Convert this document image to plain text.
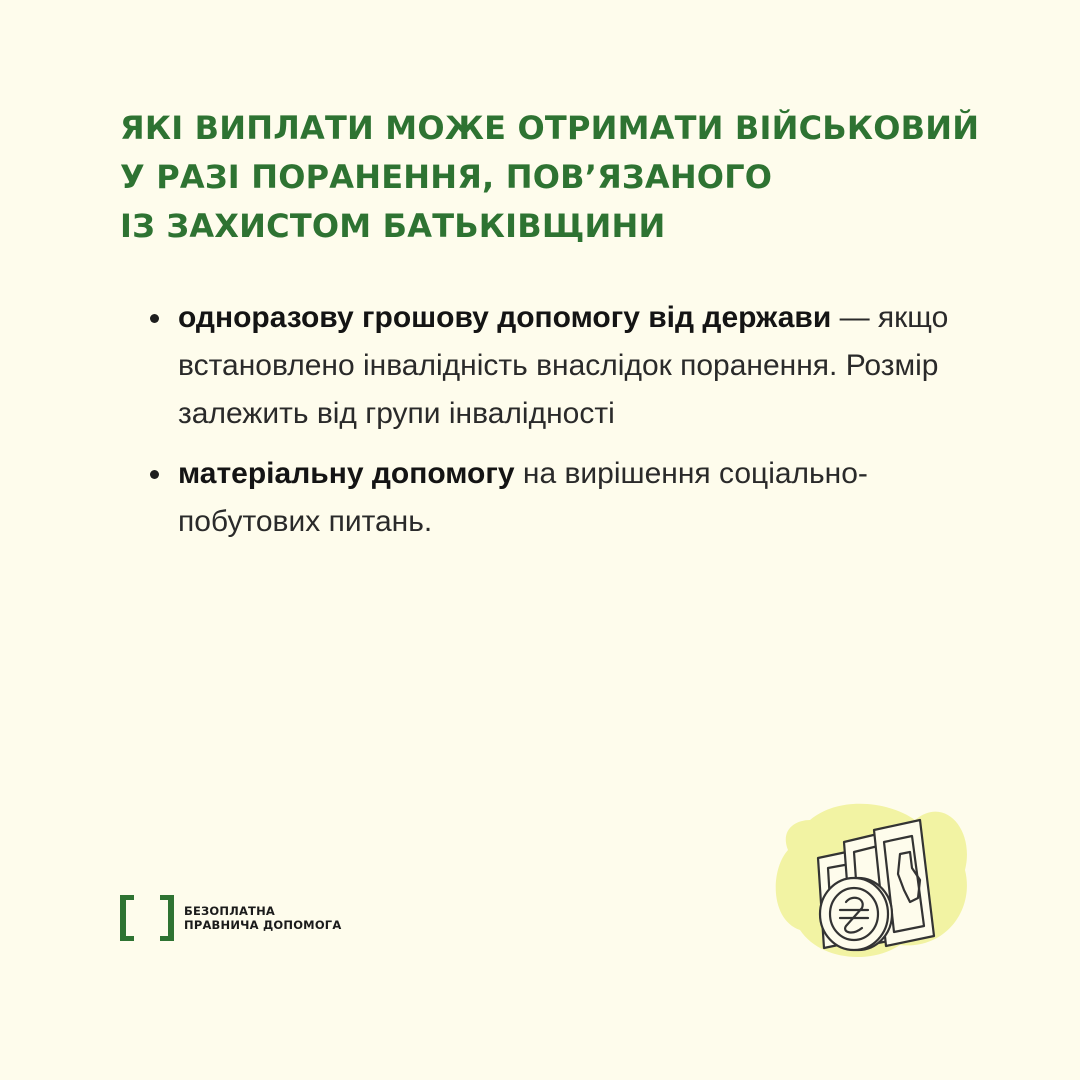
ЯКІ ВИПЛАТИ МОЖЕ ОТРИМАТИ ВІЙСЬКОВИЙ
У РАЗІ ПОРАНЕННЯ, ПОВ’ЯЗАНОГО
ІЗ ЗАХИСТОМ БАТЬКІВЩИНИ
одноразову грошову допомогу від держави — якщо встановлено інвалідність внаслідок поранення. Розмір залежить від групи інвалідності
матеріальну допомогу на вирішення соціально-побутових питань.
БЕЗОПЛАТНА
ПРАВНИЧА ДОПОМОГА
